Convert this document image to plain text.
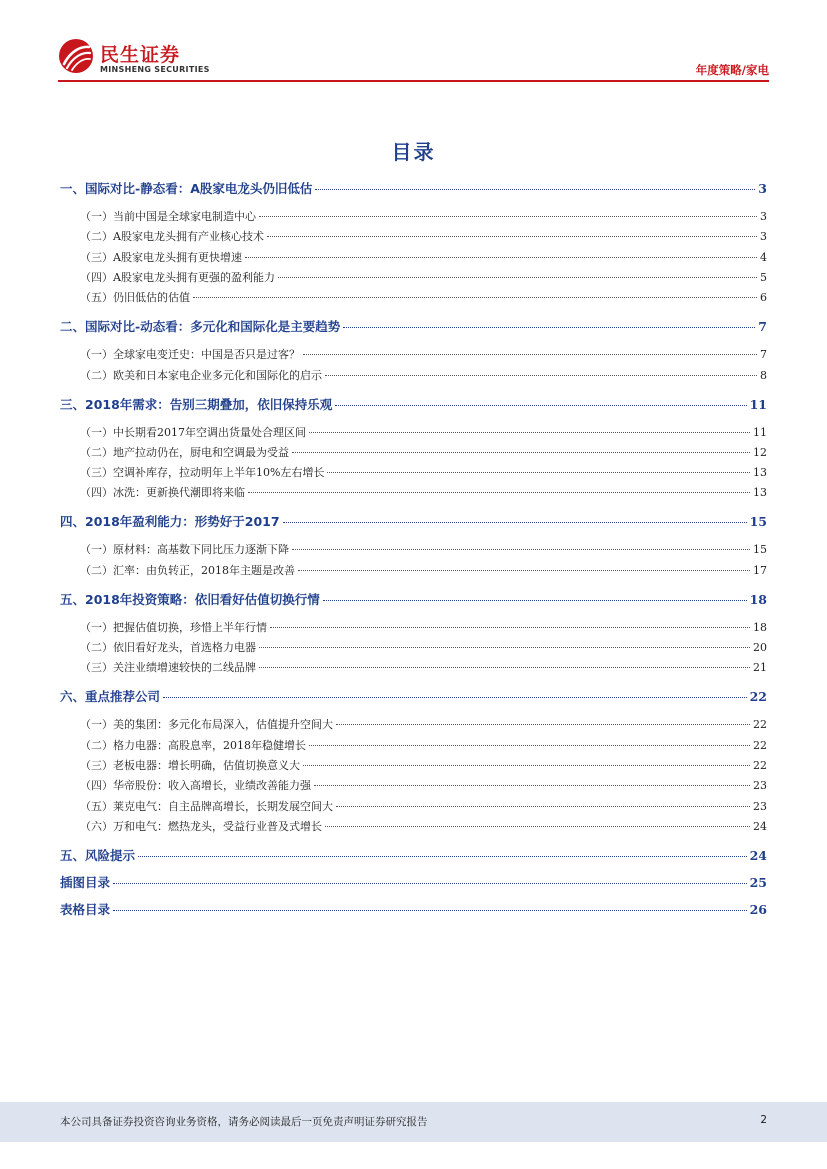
民生证券
MINSHENG SECURITIES	年度策略/家电
目录
一、国际对比-静态看：A股家电龙头仍旧低估	3
（一）当前中国是全球家电制造中心	3
（二）A股家电龙头拥有产业核心技术	3
（三）A股家电龙头拥有更快增速	4
（四）A股家电龙头拥有更强的盈利能力	5
（五）仍旧低估的估值	6
二、国际对比-动态看：多元化和国际化是主要趋势	7
（一）全球家电变迁史：中国是否只是过客？	7
（二）欧美和日本家电企业多元化和国际化的启示	8
三、2018年需求：告别三期叠加，依旧保持乐观	11
（一）中长期看2017年空调出货量处合理区间	11
（二）地产拉动仍在，厨电和空调最为受益	12
（三）空调补库存，拉动明年上半年10%左右增长	13
（四）冰洗：更新换代潮即将来临	13
四、2018年盈利能力：形势好于2017	15
（一）原材料：高基数下同比压力逐渐下降	15
（二）汇率：由负转正，2018年主题是改善	17
五、2018年投资策略：依旧看好估值切换行情	18
（一）把握估值切换，珍惜上半年行情	18
（二）依旧看好龙头，首选格力电器	20
（三）关注业绩增速较快的二线品牌	21
六、重点推荐公司	22
（一）美的集团：多元化布局深入，估值提升空间大	22
（二）格力电器：高股息率，2018年稳健增长	22
（三）老板电器：增长明确，估值切换意义大	22
（四）华帝股份：收入高增长，业绩改善能力强	23
（五）莱克电气：自主品牌高增长，长期发展空间大	23
（六）万和电气：燃热龙头，受益行业普及式增长	24
五、风险提示	24
插图目录	25
表格目录	26
本公司具备证券投资咨询业务资格，请务必阅读最后一页免责声明证券研究报告	2
